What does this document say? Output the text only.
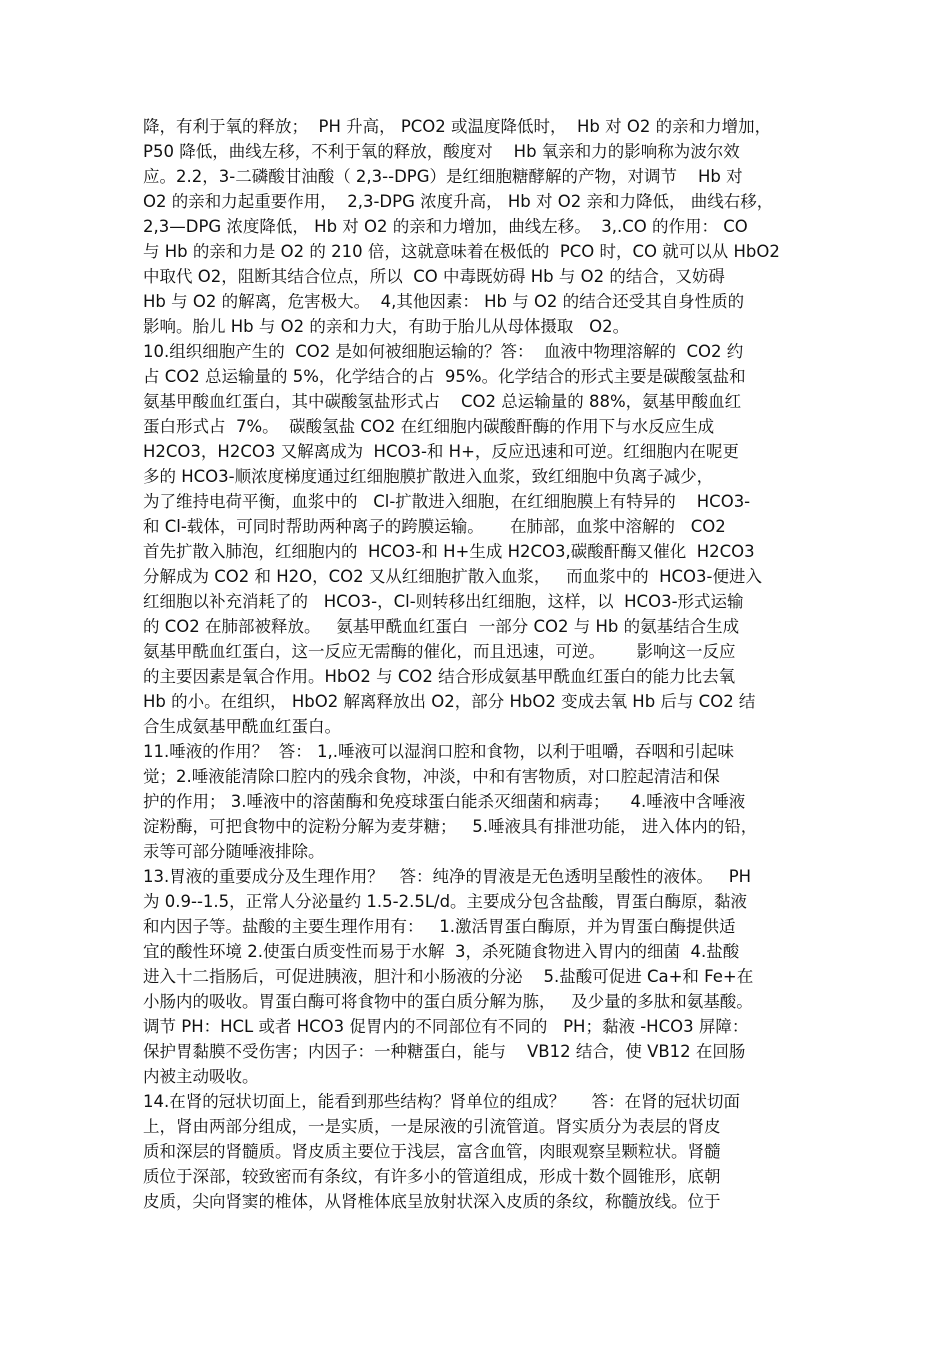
降，有利于氧的释放；  PH 升高， PCO2 或温度降低时，  Hb 对 O2 的亲和力增加，
P50 降低，曲线左移，不利于氧的释放，酸度对    Hb 氧亲和力的影响称为波尔效
应。2.2，3-二磷酸甘油酸（ 2,3--DPG）是红细胞糖酵解的产物，对调节    Hb 对
O2 的亲和力起重要作用，  2,3-DPG 浓度升高， Hb 对 O2 亲和力降低， 曲线右移，
2,3—DPG 浓度降低， Hb 对 O2 的亲和力增加，曲线左移。  3,.CO 的作用： CO
与 Hb 的亲和力是 O2 的 210 倍，这就意味着在极低的  PCO 时，CO 就可以从 HbO2
中取代 O2，阻断其结合位点，所以  CO 中毒既妨碍 Hb 与 O2 的结合，又妨碍
Hb 与 O2 的解离，危害极大。  4,其他因素： Hb 与 O2 的结合还受其自身性质的
影响。胎儿 Hb 与 O2 的亲和力大，有助于胎儿从母体摄取   O2。
10.组织细胞产生的  CO2 是如何被细胞运输的？答：  血液中物理溶解的  CO2 约
占 CO2 总运输量的 5%，化学结合的占  95%。化学结合的形式主要是碳酸氢盐和
氨基甲酸血红蛋白，其中碳酸氢盐形式占    CO2 总运输量的 88%，氨基甲酸血红
蛋白形式占  7%。  碳酸氢盐 CO2 在红细胞内碳酸酐酶的作用下与水反应生成
H2CO3，H2CO3 又解离成为  HCO3-和 H+，反应迅速和可逆。红细胞内在呢更
多的 HCO3-顺浓度梯度通过红细胞膜扩散进入血浆，致红细胞中负离子减少，
为了维持电荷平衡，血浆中的   Cl-扩散进入细胞，在红细胞膜上有特异的    HCO3-
和 Cl-载体，可同时帮助两种离子的跨膜运输。     在肺部，血浆中溶解的   CO2
首先扩散入肺泡，红细胞内的  HCO3-和 H+生成 H2CO3,碳酸酐酶又催化  H2CO3
分解成为 CO2 和 H2O，CO2 又从红细胞扩散入血浆，   而血浆中的  HCO3-便进入
红细胞以补充消耗了的   HCO3-，Cl-则转移出红细胞，这样，以  HCO3-形式运输
的 CO2 在肺部被释放。   氨基甲酰血红蛋白  一部分 CO2 与 Hb 的氨基结合生成
氨基甲酰血红蛋白，这一反应无需酶的催化，而且迅速，可逆。      影响这一反应
的主要因素是氧合作用。HbO2 与 CO2 结合形成氨基甲酰血红蛋白的能力比去氧
Hb 的小。在组织， HbO2 解离释放出 O2，部分 HbO2 变成去氧 Hb 后与 CO2 结
合生成氨基甲酰血红蛋白。
11.唾液的作用？  答： 1,.唾液可以湿润口腔和食物，以利于咀嚼，吞咽和引起味
觉；2.唾液能清除口腔内的残余食物，冲淡，中和有害物质，对口腔起清洁和保
护的作用； 3.唾液中的溶菌酶和免疫球蛋白能杀灭细菌和病毒；    4.唾液中含唾液
淀粉酶，可把食物中的淀粉分解为麦芽糖；   5.唾液具有排泄功能， 进入体内的铅，
汞等可部分随唾液排除。
13.胃液的重要成分及生理作用？   答：纯净的胃液是无色透明呈酸性的液体。   PH
为 0.9--1.5，正常人分泌量约 1.5-2.5L/d。主要成分包含盐酸，胃蛋白酶原，黏液
和内因子等。盐酸的主要生理作用有：   1.激活胃蛋白酶原，并为胃蛋白酶提供适
宜的酸性环境 2.使蛋白质变性而易于水解  3，杀死随食物进入胃内的细菌  4.盐酸
进入十二指肠后，可促进胰液，胆汁和小肠液的分泌    5.盐酸可促进 Ca+和 Fe+在
小肠内的吸收。胃蛋白酶可将食物中的蛋白质分解为胨，   及少量的多肽和氨基酸。
调节 PH：HCL 或者 HCO3 促胃内的不同部位有不同的   PH；黏液 -HCO3 屏障：
保护胃黏膜不受伤害；内因子：一种糖蛋白，能与    VB12 结合，使 VB12 在回肠
内被主动吸收。
14.在肾的冠状切面上，能看到那些结构？肾单位的组成？     答：在肾的冠状切面
上，肾由两部分组成，一是实质，一是尿液的引流管道。肾实质分为表层的肾皮
质和深层的肾髓质。肾皮质主要位于浅层，富含血管，肉眼观察呈颗粒状。肾髓
质位于深部，较致密而有条纹，有许多小的管道组成，形成十数个圆锥形，底朝
皮质，尖向肾窦的椎体，从肾椎体底呈放射状深入皮质的条纹，称髓放线。位于
